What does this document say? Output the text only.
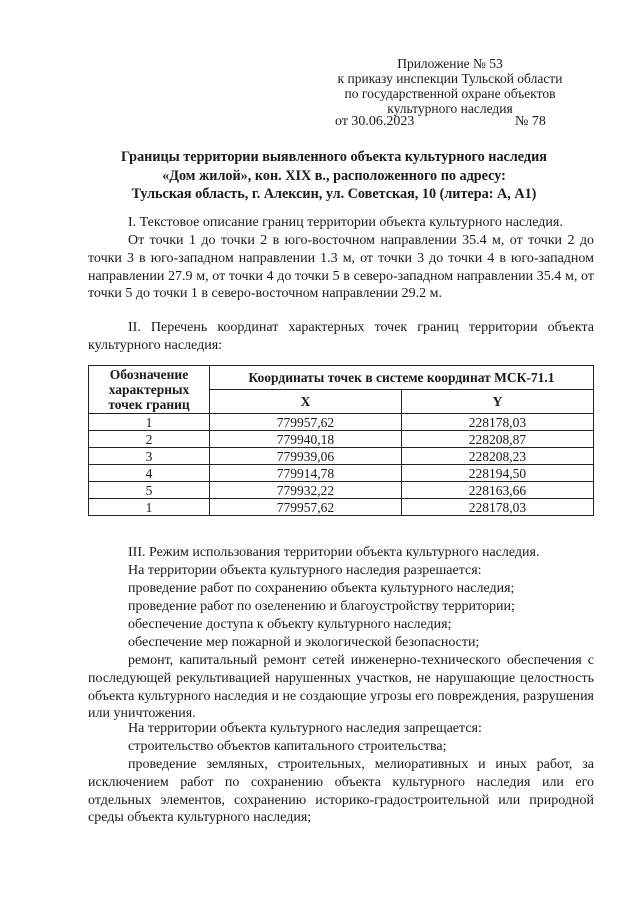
Приложение № 53
к приказу инспекции Тульской области
по государственной охране объектов
культурного наследия
от 30.06.2023	№ 78
Границы территории выявленного объекта культурного наследия
«Дом жилой», кон. XIX в., расположенного по адресу:
Тульская область, г. Алексин, ул. Советская, 10 (литера: А, А1)
I. Текстовое описание границ территории объекта культурного наследия.
От точки 1 до точки 2 в юго-восточном направлении 35.4 м, от точки 2 до точки 3 в юго-западном направлении 1.3 м, от точки 3 до точки 4 в юго-западном направлении 27.9 м, от точки 4 до точки 5 в северо-западном направлении 35.4 м, от точки 5 до точки 1 в северо-восточном направлении 29.2 м.
II. Перечень координат характерных точек границ территории объекта культурного наследия:
Обозначение характерных точек границ	Координаты точек в системе координат МСК-71.1	
	X	Y
1	779957,62	228178,03
2	779940,18	228208,87
3	779939,06	228208,23
4	779914,78	228194,50
5	779932,22	228163,66
1	779957,62	228178,03
III. Режим использования территории объекта культурного наследия.
На территории объекта культурного наследия разрешается:
проведение работ по сохранению объекта культурного наследия;
проведение работ по озеленению и благоустройству территории;
обеспечение доступа к объекту культурного наследия;
обеспечение мер пожарной и экологической безопасности;
ремонт, капитальный ремонт сетей инженерно-технического обеспечения с последующей рекультивацией нарушенных участков, не нарушающие целостность объекта культурного наследия и не создающие угрозы его повреждения, разрушения или уничтожения.
На территории объекта культурного наследия запрещается:
строительство объектов капитального строительства;
проведение земляных, строительных, мелиоративных и иных работ, за исключением работ по сохранению объекта культурного наследия или его отдельных элементов, сохранению историко-градостроительной или природной среды объекта культурного наследия;
